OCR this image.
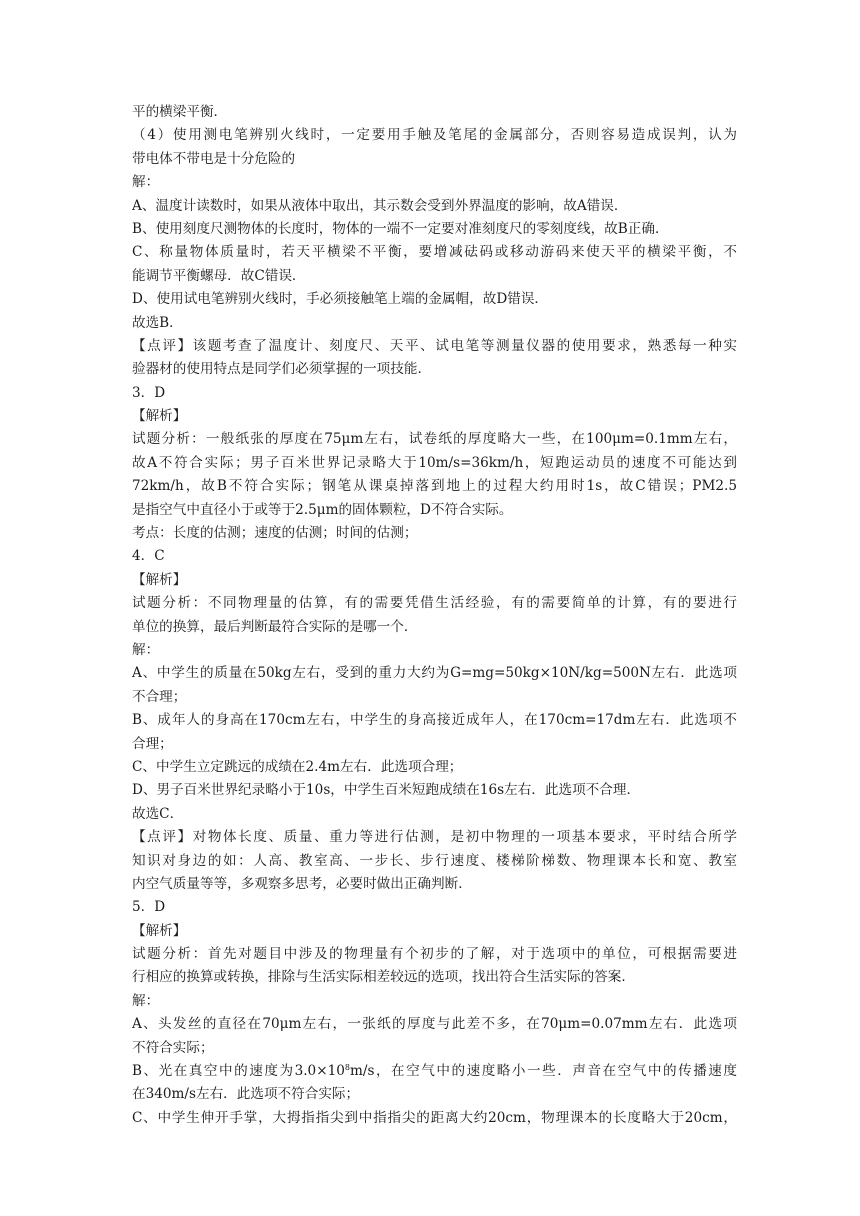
平的横梁平衡．
（4）使用测电笔辨别火线时，一定要用手触及笔尾的金属部分，否则容易造成误判，认为
带电体不带电是十分危险的
解：
A、温度计读数时，如果从液体中取出，其示数会受到外界温度的影响，故A错误．
B、使用刻度尺测物体的长度时，物体的一端不一定要对准刻度尺的零刻度线，故B正确．
C、称量物体质量时，若天平横梁不平衡，要增减砝码或移动游码来使天平的横梁平衡，不
能调节平衡螺母．故C错误．
D、使用试电笔辨别火线时，手必须接触笔上端的金属帽，故D错误．
故选B．
【点评】该题考查了温度计、刻度尺、天平、试电笔等测量仪器的使用要求，熟悉每一种实
验器材的使用特点是同学们必须掌握的一项技能．
3．D
【解析】
试题分析：一般纸张的厚度在75μm左右，试卷纸的厚度略大一些，在100μm=0.1mm左右，
故A不符合实际；男子百米世界记录略大于10m/s=36km/h，短跑运动员的速度不可能达到
72km/h，故B不符合实际；钢笔从课桌掉落到地上的过程大约用时1s，故C错误；PM2.5
是指空气中直径小于或等于2.5μm的固体颗粒，D不符合实际。
考点：长度的估测；速度的估测；时间的估测；
4．C
【解析】
试题分析：不同物理量的估算，有的需要凭借生活经验，有的需要简单的计算，有的要进行
单位的换算，最后判断最符合实际的是哪一个．
解：
A、中学生的质量在50kg左右，受到的重力大约为G=mg=50kg×10N/kg=500N左右．此选项
不合理；
B、成年人的身高在170cm左右，中学生的身高接近成年人，在170cm=17dm左右．此选项不
合理；
C、中学生立定跳远的成绩在2.4m左右．此选项合理；
D、男子百米世界纪录略小于10s，中学生百米短跑成绩在16s左右．此选项不合理．
故选C．
【点评】对物体长度、质量、重力等进行估测，是初中物理的一项基本要求，平时结合所学
知识对身边的如：人高、教室高、一步长、步行速度、楼梯阶梯数、物理课本长和宽、教室
内空气质量等等，多观察多思考，必要时做出正确判断．
5．D
【解析】
试题分析：首先对题目中涉及的物理量有个初步的了解，对于选项中的单位，可根据需要进
行相应的换算或转换，排除与生活实际相差较远的选项，找出符合生活实际的答案．
解：
A、头发丝的直径在70μm左右，一张纸的厚度与此差不多，在70μm=0.07mm左右．此选项
不符合实际；
B、光在真空中的速度为$3.0\times 10^8m/s$，在空气中的速度略小一些．声音在空气中的传播速度
在340m/s左右．此选项不符合实际；
C、中学生伸开手掌，大拇指指尖到中指指尖的距离大约20cm，物理课本的长度略大于20cm，
